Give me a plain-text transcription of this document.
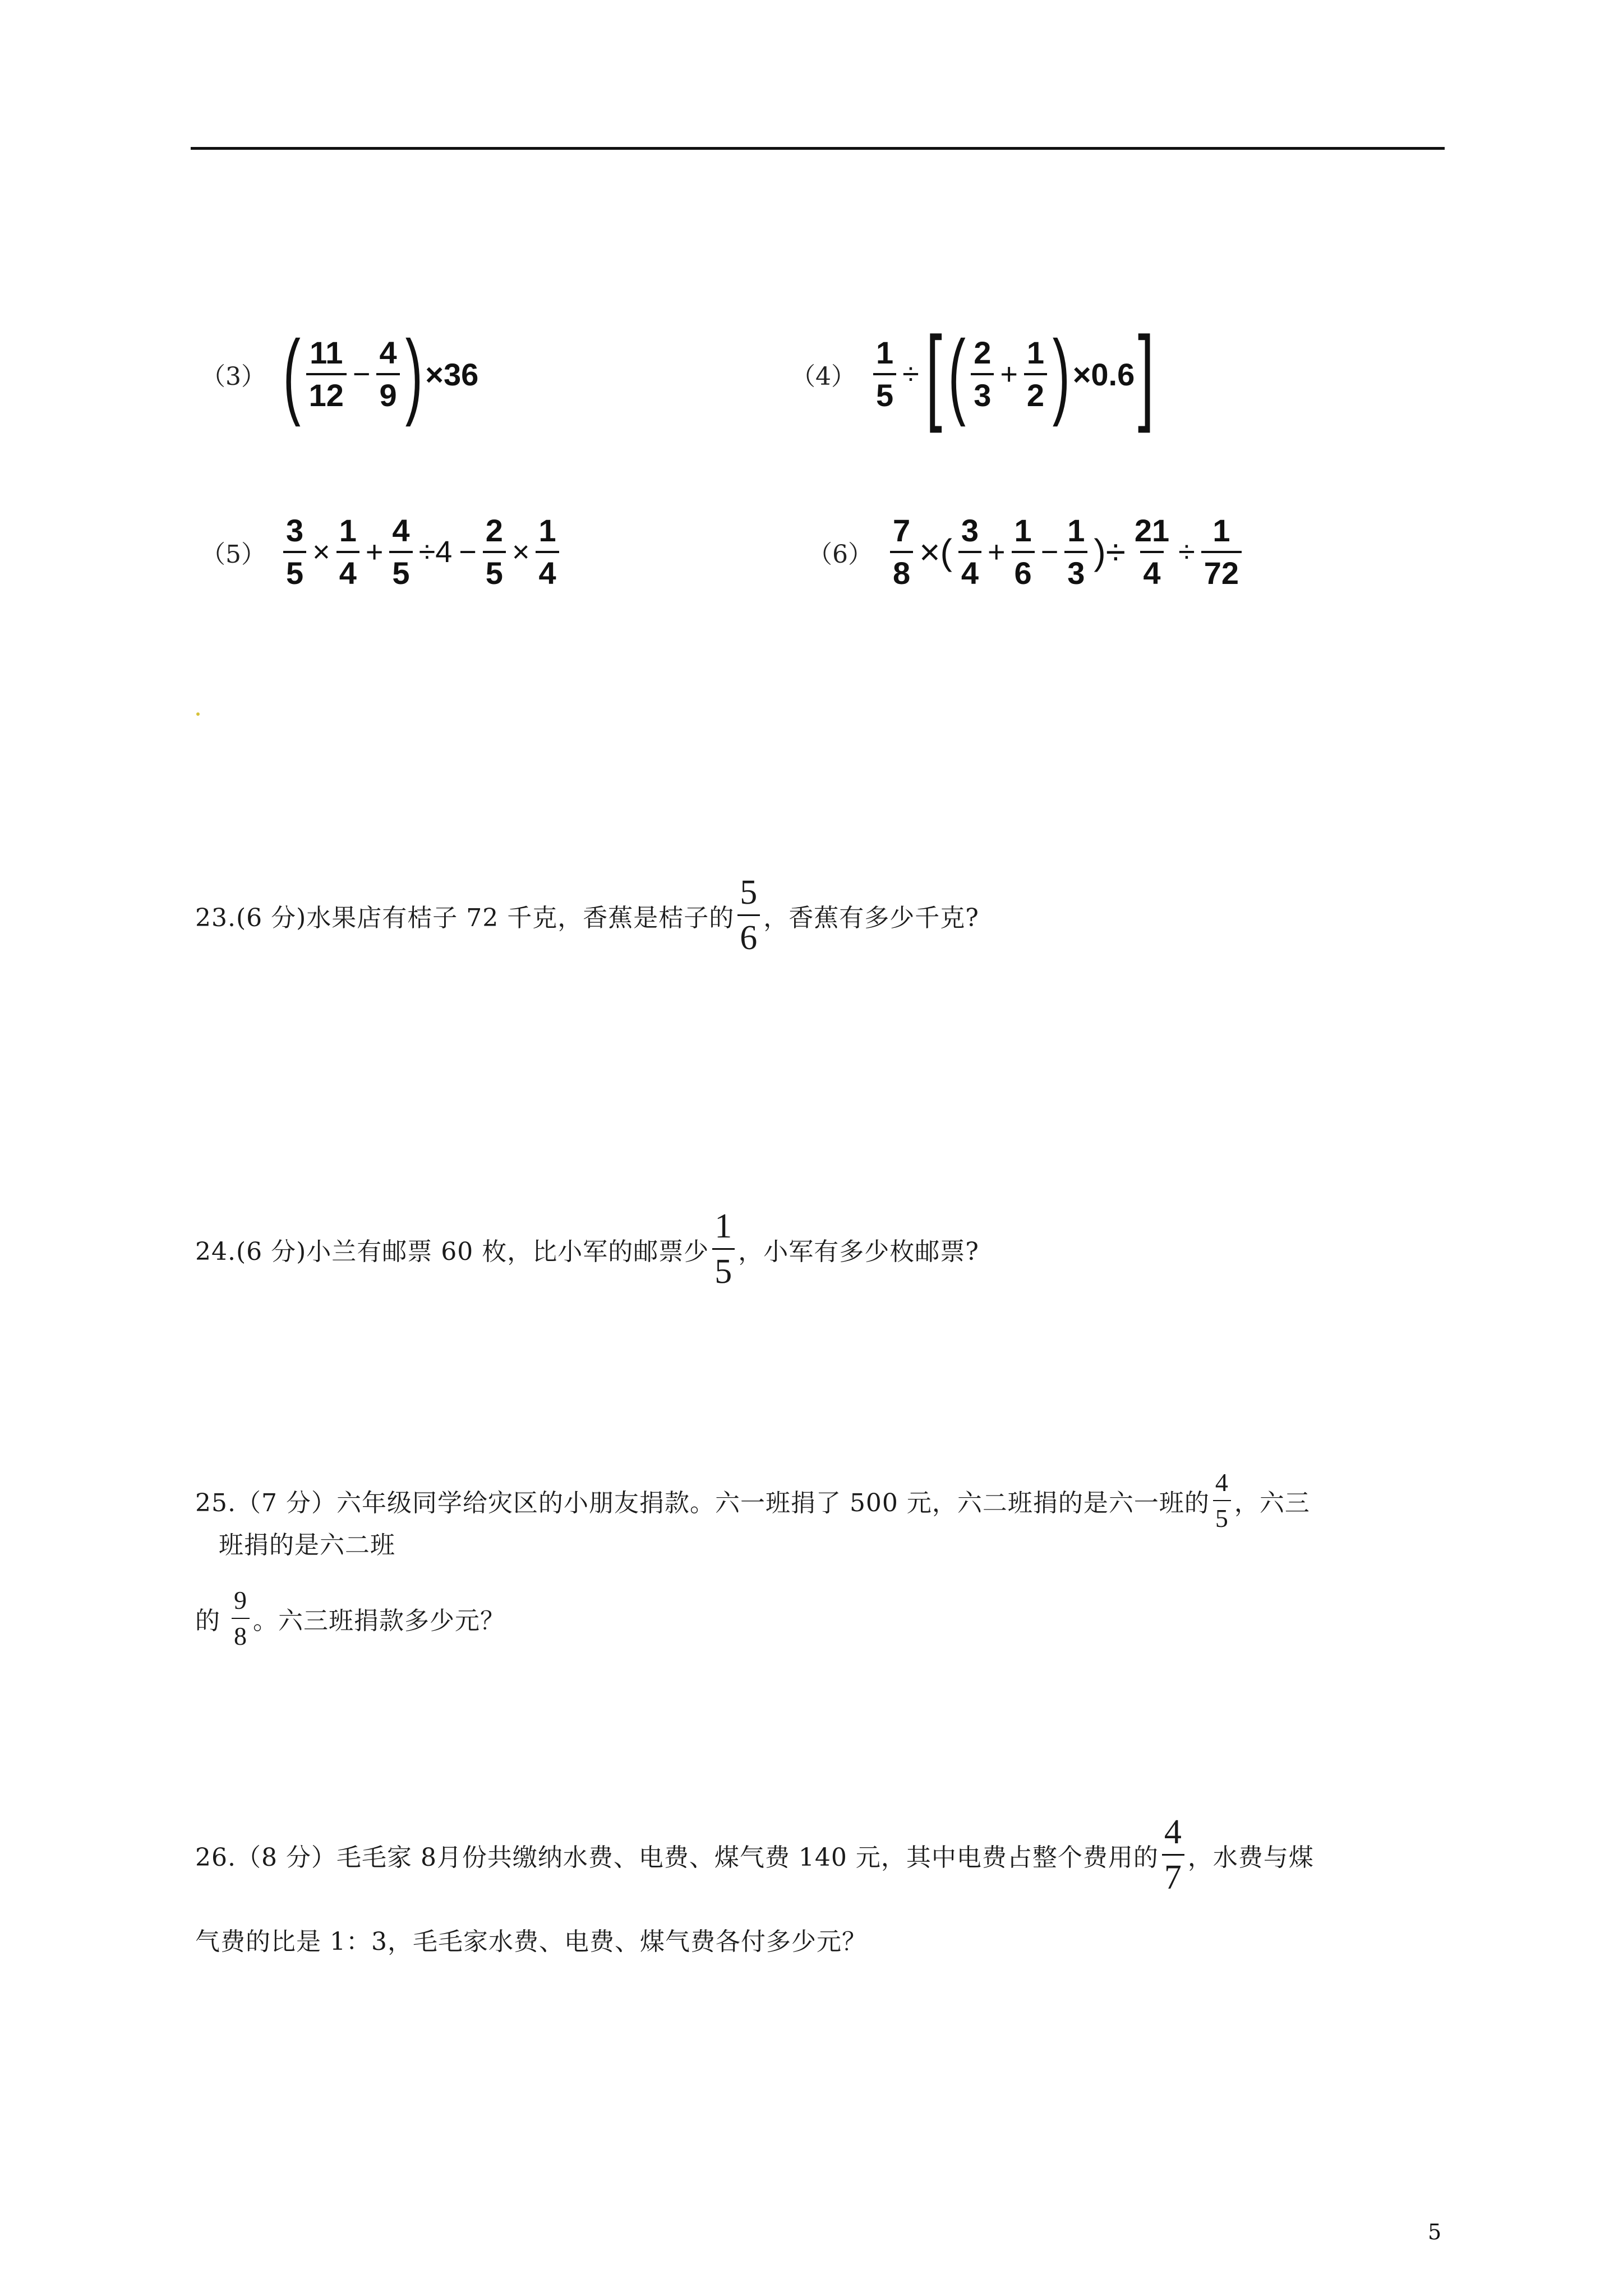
（3） ( $\frac{11}{12} - \frac{4}{9}$ ) ×36	$(4) \frac{1}{5}$ ÷ [ ( $\frac{2}{3} + \frac{1}{2}$ ) ×0.6 ]
$(5) \frac{3}{5} \times \frac{1}{4} + \frac{4}{5} \div 4 - \frac{2}{5} \times \frac{1}{4}$	$(6) \frac{7}{8}$ ×( $\frac{3}{4} + \frac{1}{6} - \frac{1}{3}$ )÷ $\frac{21}{4} \div \frac{1}{72}$
23.(6 分)水果店有桔子 72 千克，香蕉是桔子的
5
6
，香蕉有多少千克?
24.(6 分)小兰有邮票 60 枚，比小军的邮票少
1
5
，小军有多少枚邮票?
25.（7 分）六年级同学给灾区的小朋友捐款。六一班捐了 500 元，六二班捐的是六一班的
4
5
，六三
班捐的是六二班
的
9
8
。六三班捐款多少元？
26.（8 分）毛毛家 8月份共缴纳水费、电费、煤气费 140 元，其中电费占整个费用的
4
7
，水费与煤
气费的比是 1：3，毛毛家水费、电费、煤气费各付多少元？
5
